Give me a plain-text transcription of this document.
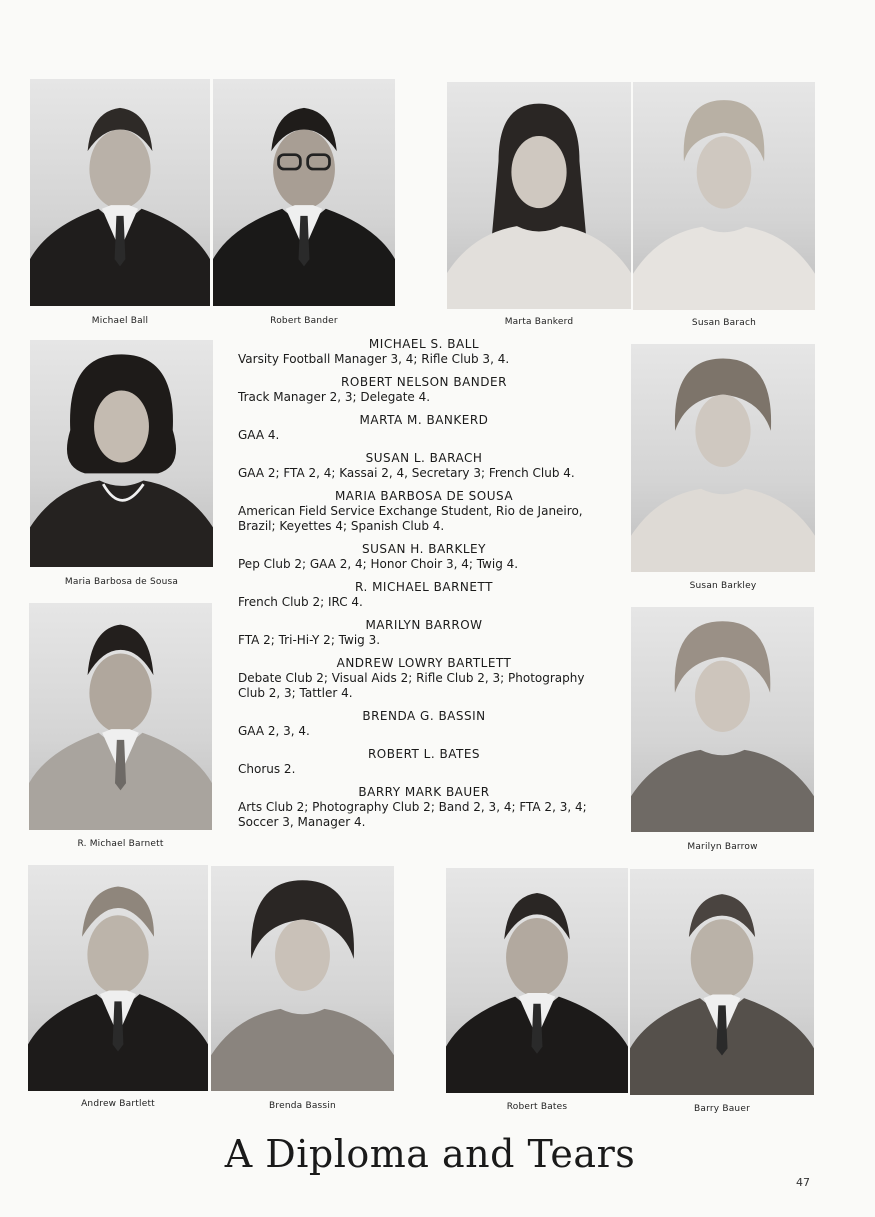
Michael Ball	Robert Bander	Marta Bankerd	Susan Barach
Maria Barbosa de Sousa	Susan Barkley
R. Michael Barnett	Marilyn Barrow
Andrew Bartlett	Brenda Bassin	Robert Bates	Barry Bauer
MICHAEL S. BALL
Varsity Football Manager 3, 4; Rifle Club 3, 4.
ROBERT NELSON BANDER
Track Manager 2, 3; Delegate 4.
MARTA M. BANKERD
GAA 4.
SUSAN L. BARACH
GAA 2; FTA 2, 4; Kassai 2, 4, Secretary 3; French Club 4.
MARIA BARBOSA DE SOUSA
American Field Service Exchange Student, Rio de Janeiro, Brazil; Keyettes 4; Spanish Club 4.
SUSAN H. BARKLEY
Pep Club 2; GAA 2, 4; Honor Choir 3, 4; Twig 4.
R. MICHAEL BARNETT
French Club 2; IRC 4.
MARILYN BARROW
FTA 2; Tri-Hi-Y 2; Twig 3.
ANDREW LOWRY BARTLETT
Debate Club 2; Visual Aids 2; Rifle Club 2, 3; Photography Club 2, 3; Tattler 4.
BRENDA G. BASSIN
GAA 2, 3, 4.
ROBERT L. BATES
Chorus 2.
BARRY MARK BAUER
Arts Club 2; Photography Club 2; Band 2, 3, 4; FTA 2, 3, 4; Soccer 3, Manager 4.
A Diploma and Tears
47
